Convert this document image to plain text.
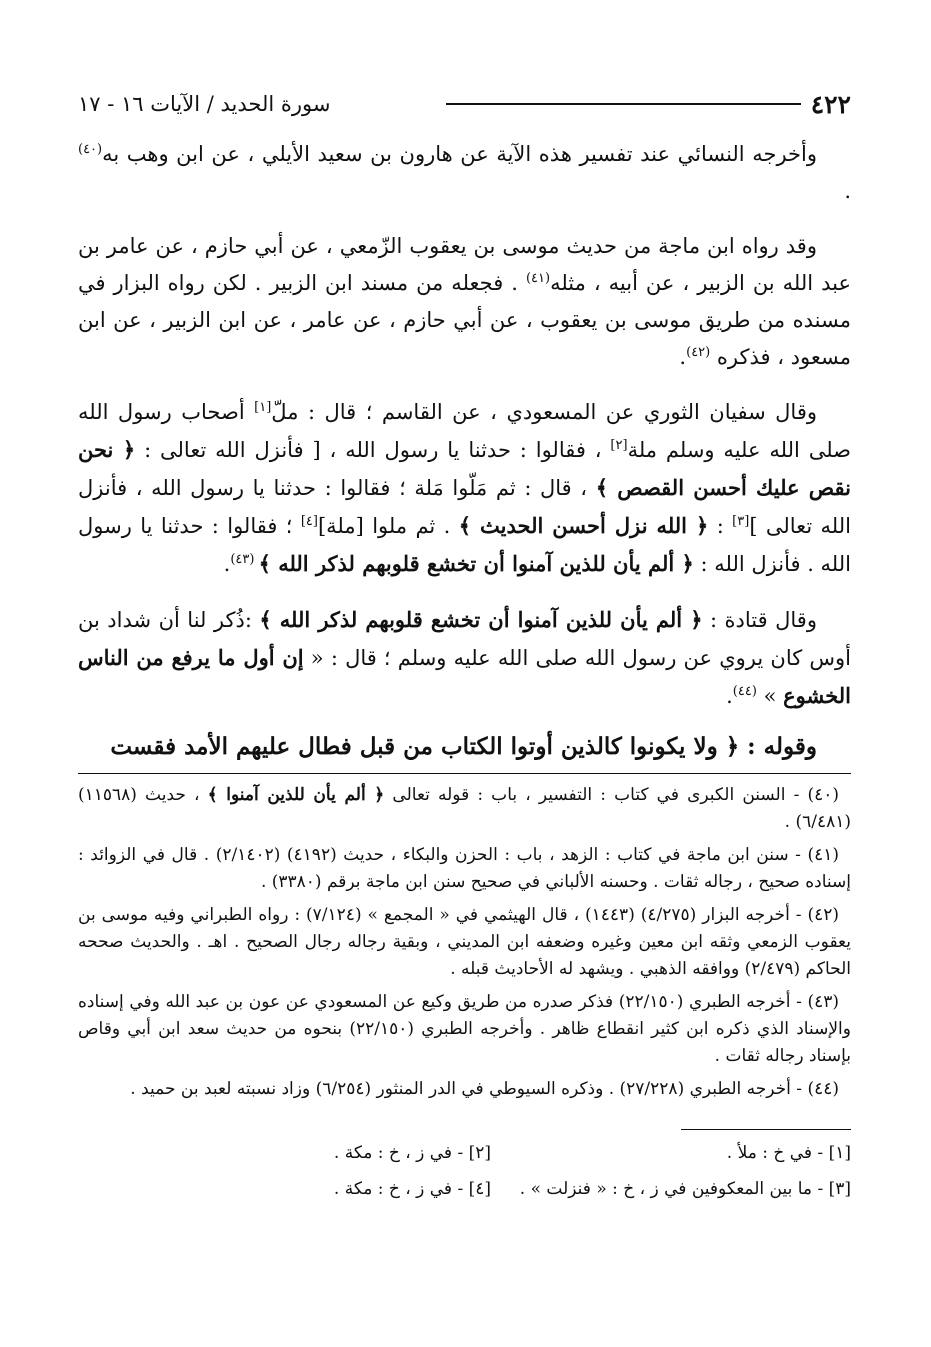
٤٢٢
سورة الحديد / الآيات ١٦ - ١٧

وأخرجه النسائي عند تفسير هذه الآية عن هارون بن سعيد الأيلي ، عن ابن وهب به$^{(٤٠)}$ .

وقد رواه ابن ماجة من حديث موسى بن يعقوب الزّمعي ، عن أبي حازم ، عن عامر بن عبد الله بن الزبير ، عن أبيه ، مثله$^{(٤١)}$ . فجعله من مسند ابن الزبير . لكن رواه البزار في مسنده من طريق موسى بن يعقوب ، عن أبي حازم ، عن عامر ، عن ابن الزبير ، عن ابن مسعود ، فذكره $^{(٤٢)}$.

وقال سفيان الثوري عن المسعودي ، عن القاسم ؛ قال : ملّ[١] أصحاب رسول الله صلى الله عليه وسلم ملة[٢] ، فقالوا : حدثنا يا رسول الله ، [ فأنزل الله تعالى : ﴿ نحن نقص عليك أحسن القصص ﴾ ، قال : ثم مَلّوا مَلة ؛ فقالوا : حدثنا يا رسول الله ، فأنزل الله تعالى ][٣] : ﴿ الله نزل أحسن الحديث ﴾ . ثم ملوا [ملة][٤] ؛ فقالوا : حدثنا يا رسول الله . فأنزل الله : ﴿ ألم يأن للذين آمنوا أن تخشع قلوبهم لذكر الله ﴾ $^{(٤٣)}$.

وقال قتادة : ﴿ ألم يأن للذين آمنوا أن تخشع قلوبهم لذكر الله ﴾ :ذُكر لنا أن شداد بن أوس كان يروي عن رسول الله صلى الله عليه وسلم ؛ قال : « إن أول ما يرفع من الناس الخشوع » $^{(٤٤)}$.

وقوله : ﴿ ولا يكونوا كالذين أوتوا الكتاب من قبل فطال عليهم الأمد فقست

(٤٠) - السنن الكبرى في كتاب : التفسير ، باب : قوله تعالى ﴿ ألم يأن للذين آمنوا ﴾ ، حديث (١١٥٦٨) (٦/٤٨١) .

(٤١) - سنن ابن ماجة في كتاب : الزهد ، باب : الحزن والبكاء ، حديث (٤١٩٢) (٢/١٤٠٢) . قال في الزوائد : إسناده صحيح ، رجاله ثقات . وحسنه الألباني في صحيح سنن ابن ماجة برقم (٣٣٨٠) .

(٤٢) - أخرجه البزار (٤/٢٧٥) (١٤٤٣) ، قال الهيثمي في « المجمع » (٧/١٢٤) : رواه الطبراني وفيه موسى بن يعقوب الزمعي وثقه ابن معين وغيره وضعفه ابن المديني ، وبقية رجاله رجال الصحيح . اهـ . والحديث صححه الحاكم (٢/٤٧٩) ووافقه الذهبي . ويشهد له الأحاديث قبله .

(٤٣) - أخرجه الطبري (٢٢/١٥٠) فذكر صدره من طريق وكيع عن المسعودي عن عون بن عبد الله وفي إسناده والإسناد الذي ذكره ابن كثير انقطاع ظاهر . وأخرجه الطبري (٢٢/١٥٠) بنحوه من حديث سعد ابن أبي وقاص بإسناد رجاله ثقات .

(٤٤) - أخرجه الطبري (٢٧/٢٢٨) . وذكره السيوطي في الدر المنثور (٦/٢٥٤) وزاد نسبته لعبد بن حميد .

[١] - في خ : ملأ .
[٢] - في ز ، خ : مكة .
[٣] - ما بين المعكوفين في ز ، خ : « فنزلت » .
[٤] - في ز ، خ : مكة .
